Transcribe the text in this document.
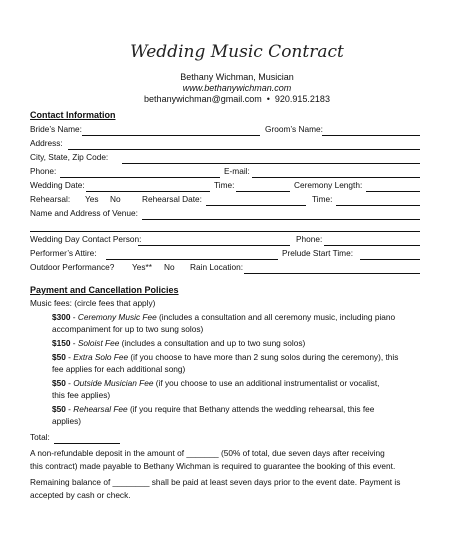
Wedding Music Contract
Bethany Wichman, Musician
www.bethanywichman.com
bethanywichman@gmail.com  •  920.915.2183
Contact Information
Bride’s Name:	Groom’s Name:
Address:
City, State, Zip Code:
Phone:	E-mail:
Wedding Date:	Time:	Ceremony Length:
Rehearsal: Yes No	Rehearsal Date:	Time:
Name and Address of Venue:
Wedding Day Contact Person:	Phone:
Performer’s Attire:	Prelude Start Time:
Outdoor Performance? Yes** No Rain Location:
Payment and Cancellation Policies
Music fees: (circle fees that apply)
$300 - Ceremony Music Fee (includes a consultation and all ceremony music, including piano
accompaniment for up to two sung solos)
$150 - Soloist Fee (includes a consultation and up to two sung solos)
$50 - Extra Solo Fee (if you choose to have more than 2 sung solos during the ceremony), this
fee applies for each additional song)
$50 - Outside Musician Fee (if you choose to use an additional instrumentalist or vocalist,
this fee applies)
$50 - Rehearsal Fee (if you require that Bethany attends the wedding rehearsal, this fee
applies)
Total:
A non-refundable deposit in the amount of _______ (50% of total, due seven days after receiving
this contract) made payable to Bethany Wichman is required to guarantee the booking of this event.
Remaining balance of ________ shall be paid at least seven days prior to the event date. Payment is
accepted by cash or check.
